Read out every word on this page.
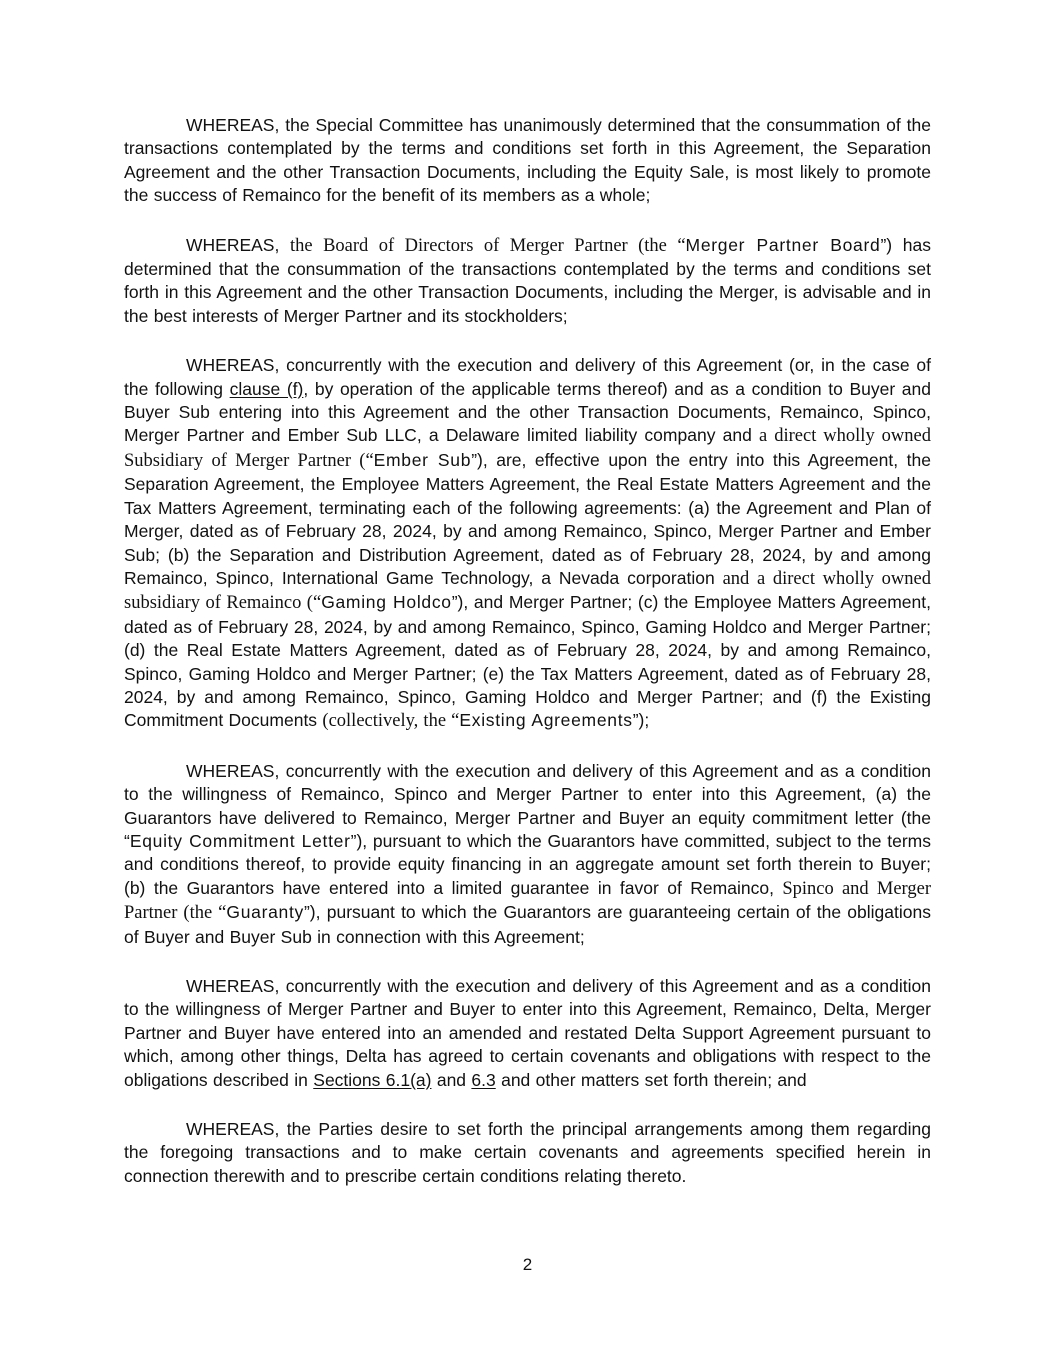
WHEREAS, the Special Committee has unanimously determined that the consummation of the transactions contemplated by the terms and conditions set forth in this Agreement, the Separation Agreement and the other Transaction Documents, including the Equity Sale, is most likely to promote the success of Remainco for the benefit of its members as a whole;

WHEREAS, the Board of Directors of Merger Partner (the “Merger Partner Board”) has determined that the consummation of the transactions contemplated by the terms and conditions set forth in this Agreement and the other Transaction Documents, including the Merger, is advisable and in the best interests of Merger Partner and its stockholders;

WHEREAS, concurrently with the execution and delivery of this Agreement (or, in the case of the following clause (f), by operation of the applicable terms thereof) and as a condition to Buyer and Buyer Sub entering into this Agreement and the other Transaction Documents, Remainco, Spinco, Merger Partner and Ember Sub LLC, a Delaware limited liability company and a direct wholly owned Subsidiary of Merger Partner (“Ember Sub”), are, effective upon the entry into this Agreement, the Separation Agreement, the Employee Matters Agreement, the Real Estate Matters Agreement and the Tax Matters Agreement, terminating each of the following agreements: (a) the Agreement and Plan of Merger, dated as of February 28, 2024, by and among Remainco, Spinco, Merger Partner and Ember Sub; (b) the Separation and Distribution Agreement, dated as of February 28, 2024, by and among Remainco, Spinco, International Game Technology, a Nevada corporation and a direct wholly owned subsidiary of Remainco (“Gaming Holdco”), and Merger Partner; (c) the Employee Matters Agreement, dated as of February 28, 2024, by and among Remainco, Spinco, Gaming Holdco and Merger Partner; (d) the Real Estate Matters Agreement, dated as of February 28, 2024, by and among Remainco, Spinco, Gaming Holdco and Merger Partner; (e) the Tax Matters Agreement, dated as of February 28, 2024, by and among Remainco, Spinco, Gaming Holdco and Merger Partner; and (f) the Existing Commitment Documents (collectively, the “Existing Agreements”);

WHEREAS, concurrently with the execution and delivery of this Agreement and as a condition to the willingness of Remainco, Spinco and Merger Partner to enter into this Agreement, (a) the Guarantors have delivered to Remainco, Merger Partner and Buyer an equity commitment letter (the “Equity Commitment Letter”), pursuant to which the Guarantors have committed, subject to the terms and conditions thereof, to provide equity financing in an aggregate amount set forth therein to Buyer; (b) the Guarantors have entered into a limited guarantee in favor of Remainco, Spinco and Merger Partner (the “Guaranty”), pursuant to which the Guarantors are guaranteeing certain of the obligations of Buyer and Buyer Sub in connection with this Agreement;

WHEREAS, concurrently with the execution and delivery of this Agreement and as a condition to the willingness of Merger Partner and Buyer to enter into this Agreement, Remainco, Delta, Merger Partner and Buyer have entered into an amended and restated Delta Support Agreement pursuant to which, among other things, Delta has agreed to certain covenants and obligations with respect to the obligations described in Sections 6.1(a) and 6.3 and other matters set forth therein; and

WHEREAS, the Parties desire to set forth the principal arrangements among them regarding the foregoing transactions and to make certain covenants and agreements specified herein in connection therewith and to prescribe certain conditions relating thereto.

2
